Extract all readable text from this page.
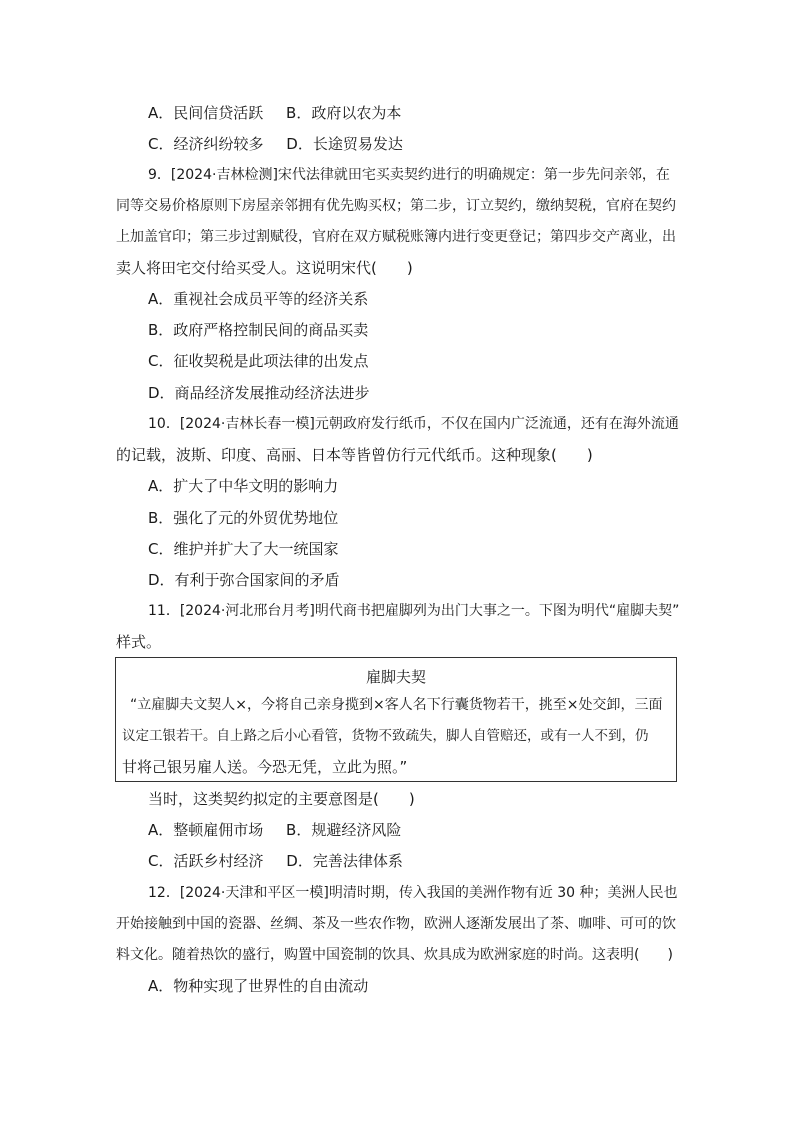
A．民间信贷活跃 B．政府以农为本
C．经济纠纷较多 D．长途贸易发达
9．[2024·吉林检测]宋代法律就田宅买卖契约进行的明确规定：第一步先问亲邻，在
同等交易价格原则下房屋亲邻拥有优先购买权；第二步，订立契约，缴纳契税，官府在契约
上加盖官印；第三步过割赋役，官府在双方赋税账簿内进行变更登记；第四步交产离业，出
卖人将田宅交付给买受人。这说明宋代(　　)
A．重视社会成员平等的经济关系
B．政府严格控制民间的商品买卖
C．征收契税是此项法律的出发点
D．商品经济发展推动经济法进步
10．[2024·吉林长春一模]元朝政府发行纸币，不仅在国内广泛流通，还有在海外流通
的记载，波斯、印度、高丽、日本等皆曾仿行元代纸币。这种现象(　　)
A．扩大了中华文明的影响力
B．强化了元的外贸优势地位
C．维护并扩大了大一统国家
D．有利于弥合国家间的矛盾
11．[2024·河北邢台月考]明代商书把雇脚列为出门大事之一。下图为明代“雇脚夫契”
样式。
雇脚夫契
“立雇脚夫文契人×，今将自己亲身揽到×客人名下行囊货物若干，挑至×处交卸，三面
议定工银若干。自上路之后小心看管，货物不致疏失，脚人自管赔还，或有一人不到，仍
甘将己银另雇人送。今恐无凭，立此为照。”
当时，这类契约拟定的主要意图是(　　)
A．整顿雇佣市场 B．规避经济风险
C．活跃乡村经济 D．完善法律体系
12．[2024·天津和平区一模]明清时期，传入我国的美洲作物有近 30 种；美洲人民也
开始接触到中国的瓷器、丝绸、茶及一些农作物，欧洲人逐渐发展出了茶、咖啡、可可的饮
料文化。随着热饮的盛行，购置中国瓷制的饮具、炊具成为欧洲家庭的时尚。这表明(　　)
A．物种实现了世界性的自由流动
